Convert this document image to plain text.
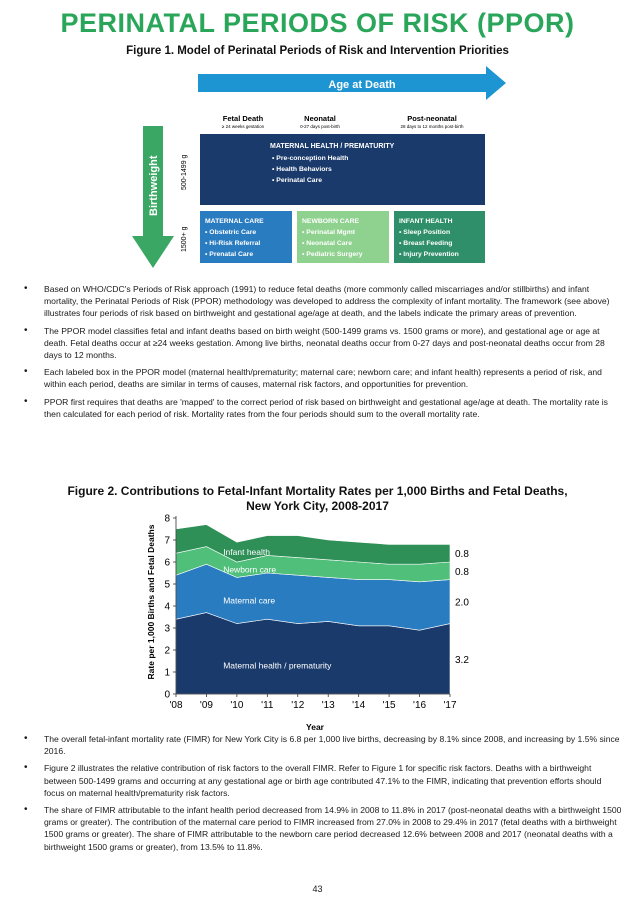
PERINATAL PERIODS OF RISK (PPOR)
Figure 1. Model of Perinatal Periods of Risk and Intervention Priorities
Age at Death
Birthweight
Fetal Death
≥ 24 weeks gestation
Neonatal
0-27 days post-birth
Post-neonatal
28 days to 12 months post-birth
500-1499 g
1500+ g
MATERNAL HEALTH / PREMATURITY
• Pre-conception Health
• Health Behaviors
• Perinatal Care
MATERNAL CARE
• Obstetric Care
• Hi-Risk Referral
• Prenatal Care
NEWBORN CARE
• Perinatal Mgmt
• Neonatal Care
• Pediatric Surgery
INFANT HEALTH
• Sleep Position
• Breast Feeding
• Injury Prevention
• Based on WHO/CDC's Periods of Risk approach (1991) to reduce fetal deaths (more commonly called miscarriages and/or stillbirths) and infant mortality, the Perinatal Periods of Risk (PPOR) methodology was developed to address the complexity of infant mortality. The framework (see above) illustrates four periods of risk based on birthweight and gestational age/age at death, and the labels indicate the primary areas of prevention.
• The PPOR model classifies fetal and infant deaths based on birth weight (500-1499 grams vs. 1500 grams or more), and gestational age or age at death. Fetal deaths occur at ≥24 weeks gestation. Among live births, neonatal deaths occur from 0-27 days and post-neonatal deaths occur from 28 days to 12 months.
• Each labeled box in the PPOR model (maternal health/prematurity; maternal care; newborn care; and infant health) represents a period of risk, and within each period, deaths are similar in terms of causes, maternal risk factors, and opportunities for prevention.
• PPOR first requires that deaths are 'mapped' to the correct period of risk based on birthweight and gestational age/age at death. The mortality rate is then calculated for each period of risk. Mortality rates from the four periods should sum to the overall mortality rate.
Figure 2. Contributions to Fetal-Infant Mortality Rates per 1,000 Births and Fetal Deaths, New York City, 2008-2017
0
1
2
3
4
5
6
7
8
'08 '09 '10 '11 '12 '13 '14 '15 '16 '17
Maternal health / prematurity
Maternal care
Newborn care
Infant health
3.2
2.0
0.8
0.8
Rate per 1,000 Births and Fetal Deaths
Year
• The overall fetal-infant mortality rate (FIMR) for New York City is 6.8 per 1,000 live births, decreasing by 8.1% since 2008, and increasing by 1.5% since 2016.
• Figure 2 illustrates the relative contribution of risk factors to the overall FIMR. Refer to Figure 1 for specific risk factors. Deaths with a birthweight between 500-1499 grams and occurring at any gestational age or birth age contributed 47.1% to the FIMR, indicating that prevention efforts should focus on maternal health/prematurity risk factors.
• The share of FIMR attributable to the infant health period decreased from 14.9% in 2008 to 11.8% in 2017 (post-neonatal deaths with a birthweight 1500 grams or greater). The contribution of the maternal care period to FIMR increased from 27.0% in 2008 to 29.4% in 2017 (fetal deaths with a birthweight 1500 grams or greater). The share of FIMR attributable to the newborn care period decreased 12.6% between 2008 and 2017 (neonatal deaths with a birthweight 1500 grams or greater), from 13.5% to 11.8%.
43
